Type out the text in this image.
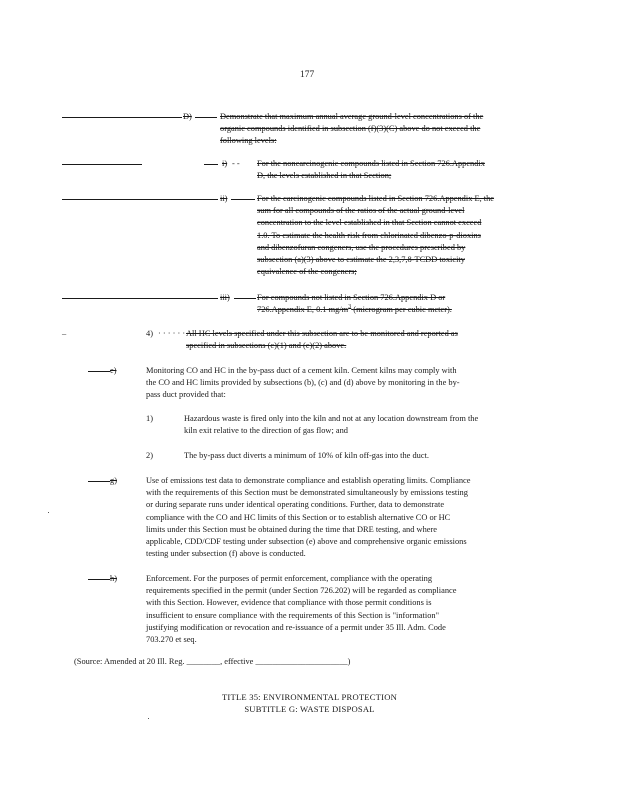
177
D)	Demonstrate that maximum annual average ground-level concentrations of the
organic compounds identified in subsection (f)(3)(C) above do not exceed the
following levels:
i) - - For the noncarcinogenic compounds listed in Section 726.Appendix
D, the levels established in that Section;
ii)	For the carcinogenic compounds listed in Section 726.Appendix E, the
sum for all compounds of the ratios of the actual ground-level
concentration to the level established in that Section cannot exceed
1.0. To estimate the health risk from chlorinated dibenzo-p-dioxins
and dibenzofuran congeners, use the procedures prescribed by
subsection (a)(3) above to estimate the 2,3,7,8-TCDD toxicity
equivalence of the congeners;
iii)	For compounds not listed in Section 726.Appendix D or
726.Appendix E, 0.1 $mg/m^3$ (microgram per cubic meter).
–	4) · · · · · · All HC levels specified under this subsection are to be monitored and reported as
specified in subsections (c)(1) and (c)(2) above.
e)	Monitoring CO and HC in the by-pass duct of a cement kiln. Cement kilns may comply with
the CO and HC limits provided by subsections (b), (c) and (d) above by monitoring in the by-
pass duct provided that:
1)	Hazardous waste is fired only into the kiln and not at any location downstream from the
kiln exit relative to the direction of gas flow; and
2)	The by-pass duct diverts a minimum of 10% of kiln off-gas into the duct.
g)	Use of emissions test data to demonstrate compliance and establish operating limits. Compliance
with the requirements of this Section must be demonstrated simultaneously by emissions testing
or during separate runs under identical operating conditions. Further, data to demonstrate
compliance with the CO and HC limits of this Section or to establish alternative CO or HC
limits under this Section must be obtained during the time that DRE testing, and where
applicable, CDD/CDF testing under subsection (e) above and comprehensive organic emissions
testing under subsection (f) above is conducted.
h)	Enforcement. For the purposes of permit enforcement, compliance with the operating
requirements specified in the permit (under Section 726.202) will be regarded as compliance
with this Section. However, evidence that compliance with those permit conditions is
insufficient to ensure compliance with the requirements of this Section is "information"
justifying modification or revocation and re-issuance of a permit under 35 Ill. Adm. Code
703.270 et seq.
(Source: Amended at 20 Ill. Reg. ________, effective ______________________)
TITLE 35: ENVIRONMENTAL PROTECTION
SUBTITLE G: WASTE DISPOSAL
